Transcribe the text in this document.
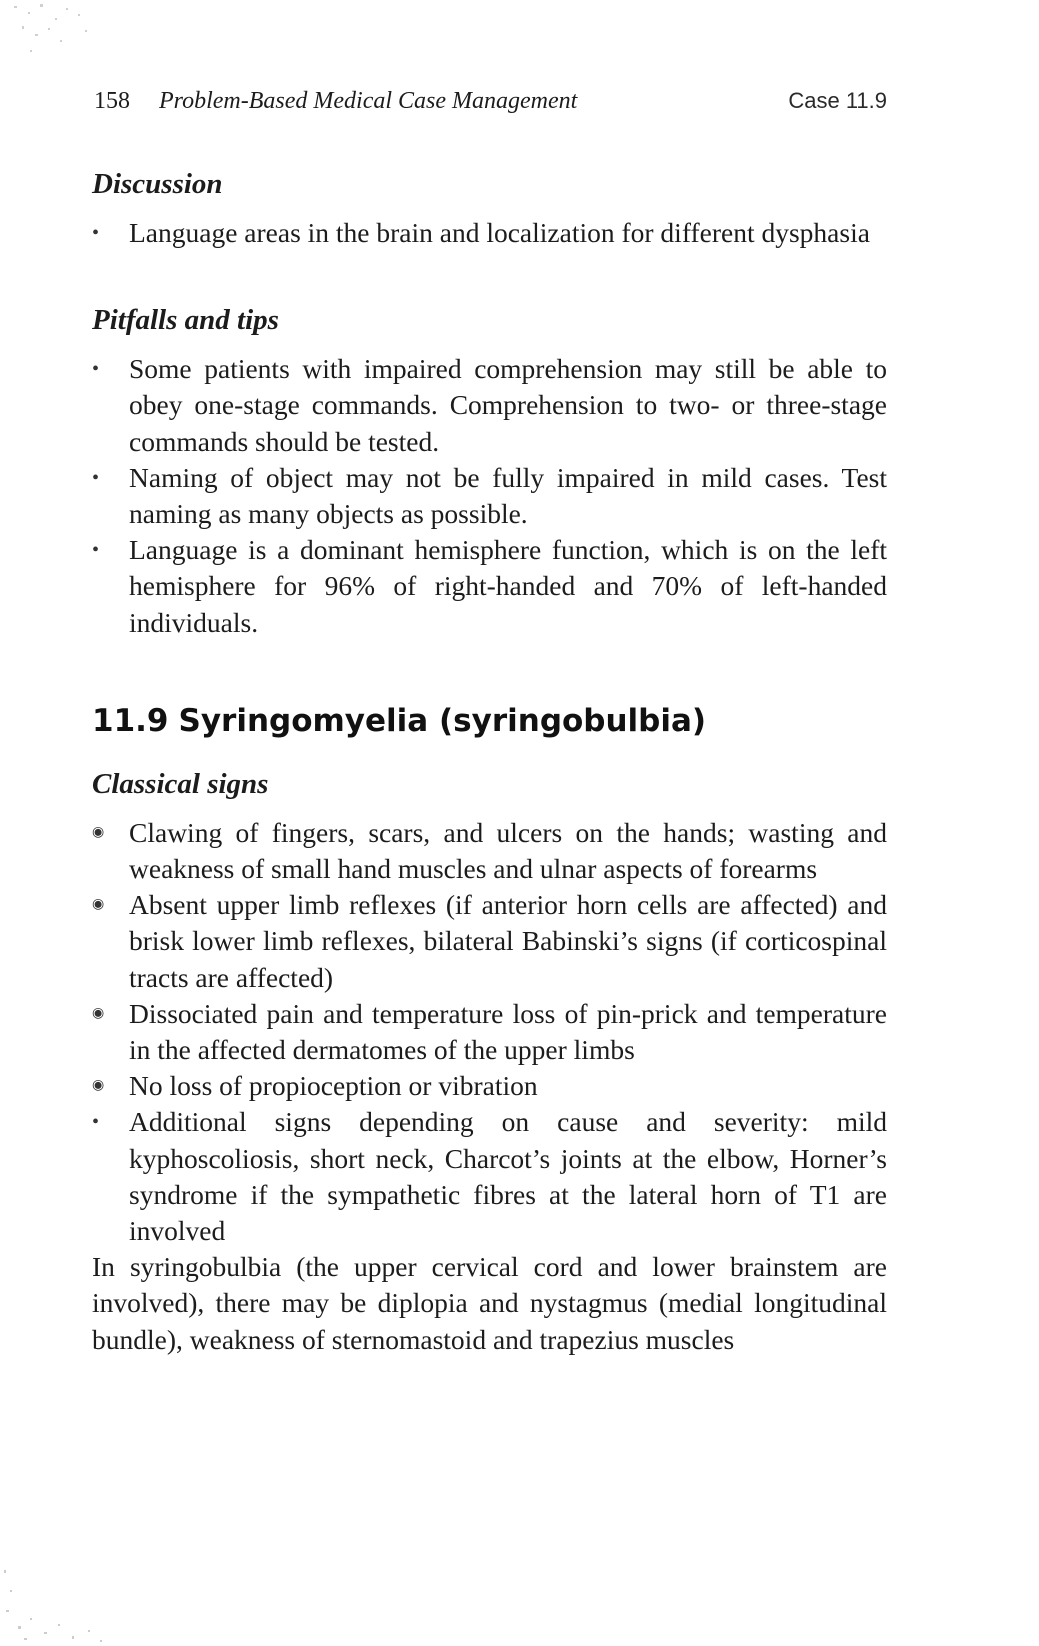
158 Problem-Based Medical Case Management	Case 11.9
Discussion
•	Language areas in the brain and localization for different dysphasia
Pitfalls and tips
•	Some patients with impaired comprehension may still be able to obey one-stage commands. Comprehension to two- or three-stage commands should be tested.
•	Naming of object may not be fully impaired in mild cases. Test naming as many objects as possible.
•	Language is a dominant hemisphere function, which is on the left hemisphere for 96% of right-handed and 70% of left-handed individuals.
11.9 Syringomyelia (syringobulbia)
Classical signs
◉ Clawing of fingers, scars, and ulcers on the hands; wasting and weakness of small hand muscles and ulnar aspects of forearms
◉ Absent upper limb reflexes (if anterior horn cells are affected) and brisk lower limb reflexes, bilateral Babinski’s signs (if corticospinal tracts are affected)
◉ Dissociated pain and temperature loss of pin-prick and temperature in the affected dermatomes of the upper limbs
◉ No loss of propioception or vibration
•	Additional signs depending on cause and severity: mild kyphoscoliosis, short neck, Charcot’s joints at the elbow, Horner’s syndrome if the sympathetic fibres at the lateral horn of T1 are involved

In syringobulbia (the upper cervical cord and lower brainstem are involved), there may be diplopia and nystagmus (medial longitudinal bundle), weakness of sternomastoid and trapezius muscles
